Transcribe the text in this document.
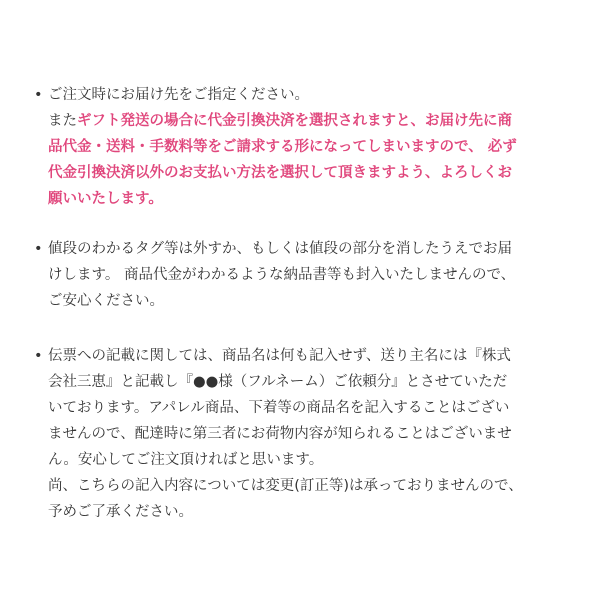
• ご注文時にお届け先をご指定ください。
またギフト発送の場合に代金引換決済を選択されますと、お届け先に商
品代金・送料・手数料等をご請求する形になってしまいますので、 必ず
代金引換決済以外のお支払い方法を選択して頂きますよう、よろしくお
願いいたします。
• 値段のわかるタグ等は外すか、もしくは値段の部分を消したうえでお届
けします。 商品代金がわかるような納品書等も封入いたしませんので、
ご安心ください。
• 伝票への記載に関しては、商品名は何も記入せず、送り主名には『株式
会社三恵』と記載し『●●様（フルネーム）ご依頼分』とさせていただ
いております。アパレル商品、下着等の商品名を記入することはござい
ませんので、配達時に第三者にお荷物内容が知られることはございませ
ん。安心してご注文頂ければと思います。
尚、こちらの記入内容については変更(訂正等)は承っておりませんので、
予めご了承ください。
